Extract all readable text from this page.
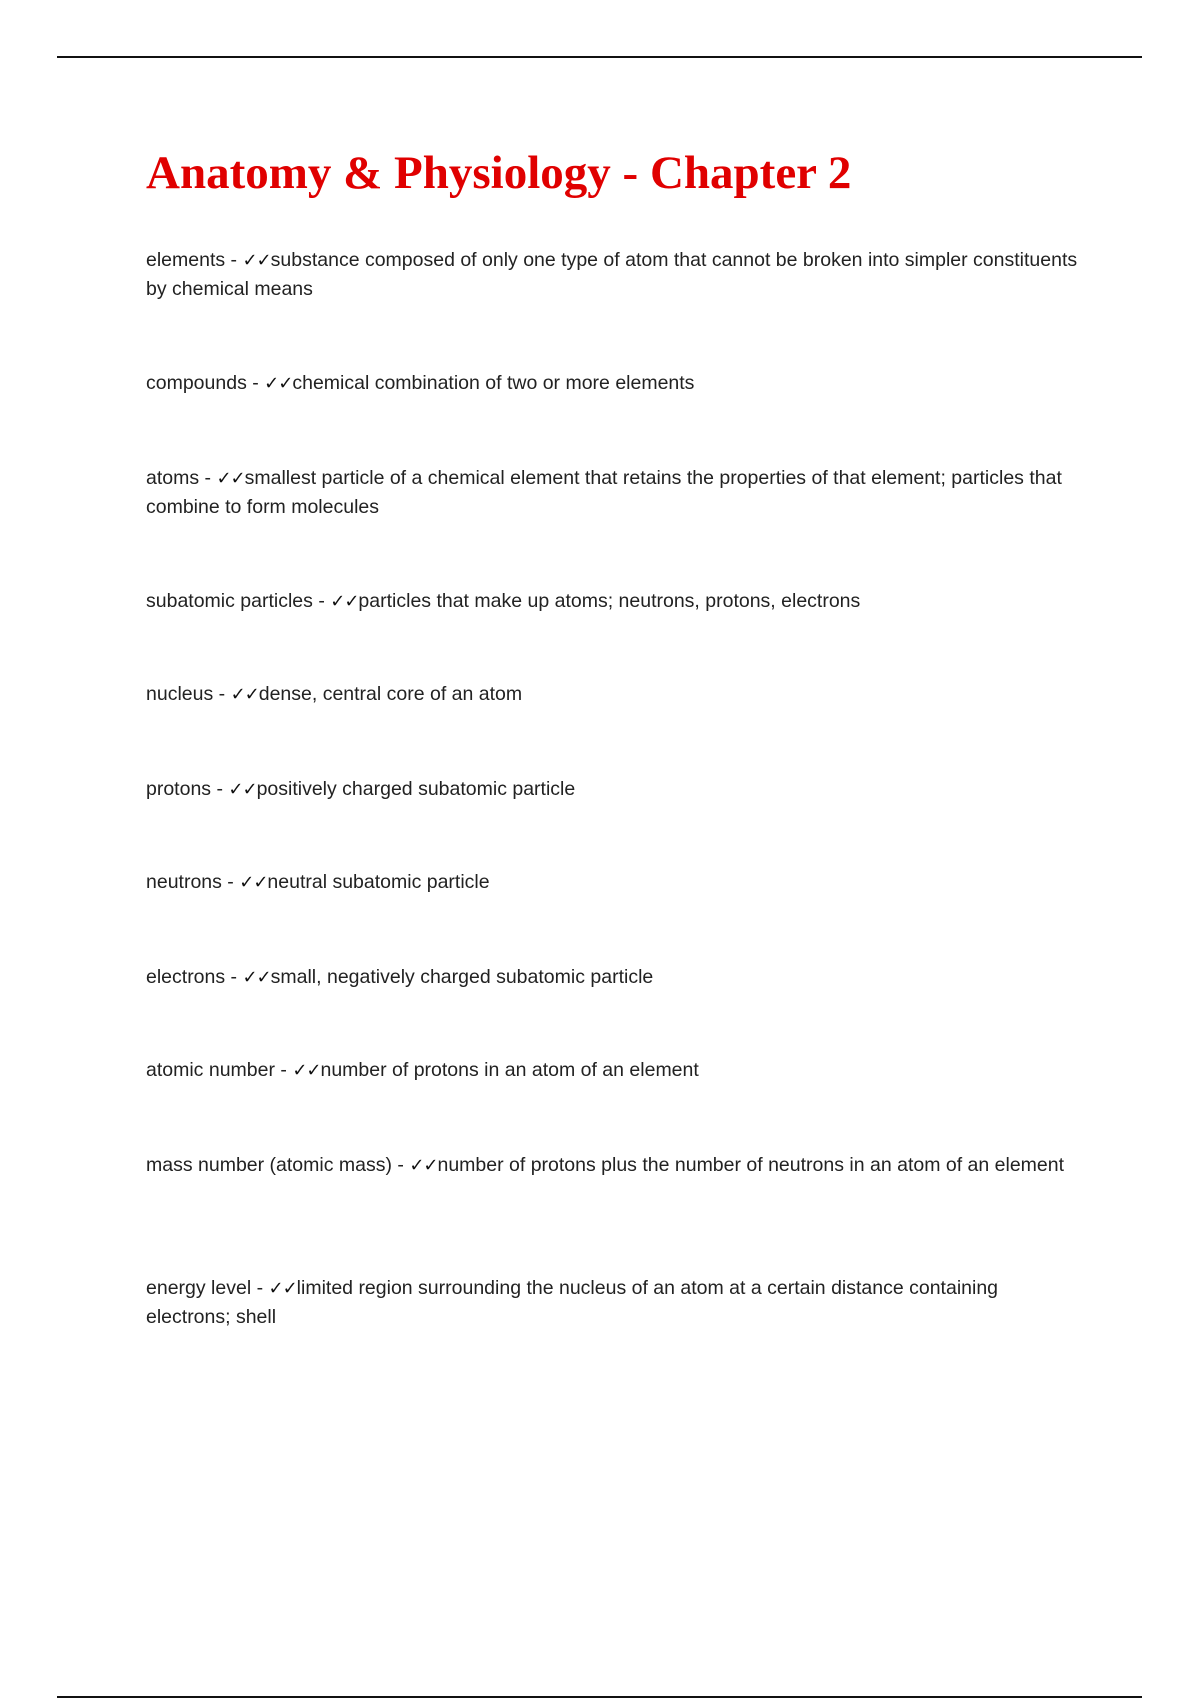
Anatomy & Physiology - Chapter 2

elements - ✓✓substance composed of only one type of atom that cannot be broken into simpler constituents by chemical means

compounds - ✓✓chemical combination of two or more elements

atoms - ✓✓smallest particle of a chemical element that retains the properties of that element; particles that combine to form molecules

subatomic particles - ✓✓particles that make up atoms; neutrons, protons, electrons

nucleus - ✓✓dense, central core of an atom

protons - ✓✓positively charged subatomic particle

neutrons - ✓✓neutral subatomic particle

electrons - ✓✓small, negatively charged subatomic particle

atomic number - ✓✓number of protons in an atom of an element

mass number (atomic mass) - ✓✓number of protons plus the number of neutrons in an atom of an element

energy level - ✓✓limited region surrounding the nucleus of an atom at a certain distance containing electrons; shell
